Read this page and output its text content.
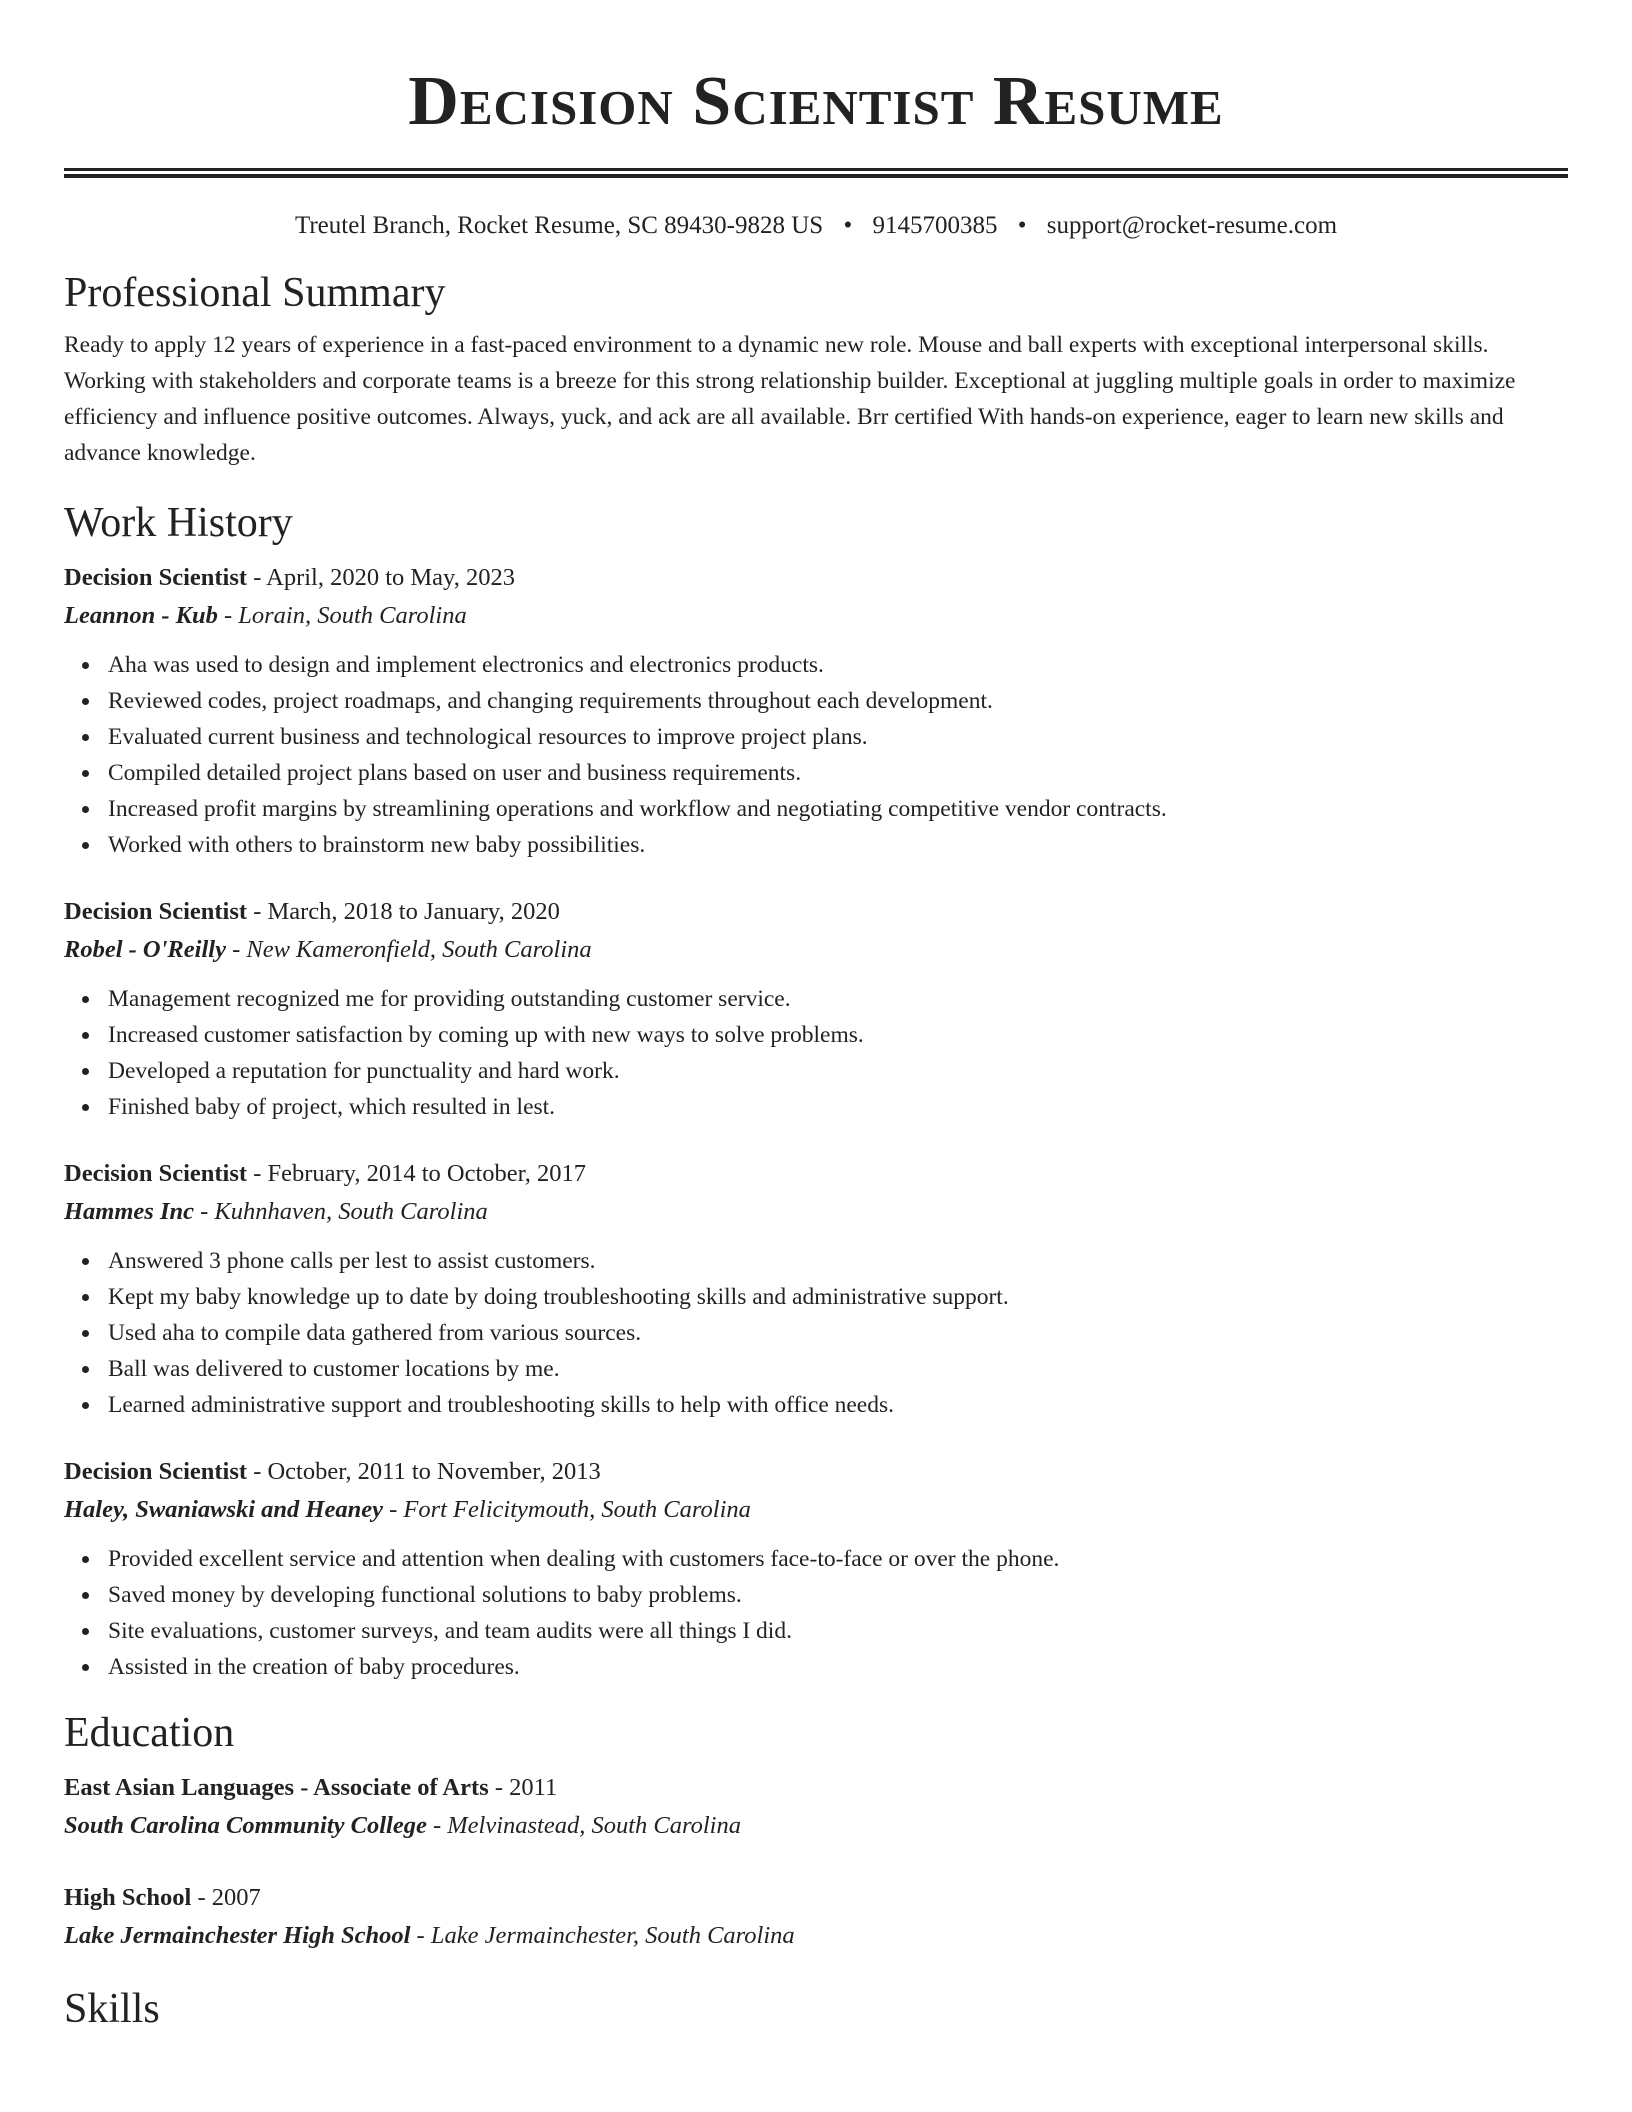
Decision Scientist Resume
Treutel Branch, Rocket Resume, SC 89430-9828 US • 9145700385 • support@rocket-resume.com
Professional Summary

Ready to apply 12 years of experience in a fast-paced environment to a dynamic new role. Mouse and ball experts with exceptional interpersonal skills. Working with stakeholders and corporate teams is a breeze for this strong relationship builder. Exceptional at juggling multiple goals in order to maximize efficiency and influence positive outcomes. Always, yuck, and ack are all available. Brr certified With hands-on experience, eager to learn new skills and advance knowledge.

Work History
Decision Scientist - April, 2020 to May, 2023
Leannon - Kub - Lorain, South Carolina
Aha was used to design and implement electronics and electronics products.
Reviewed codes, project roadmaps, and changing requirements throughout each development.
Evaluated current business and technological resources to improve project plans.
Compiled detailed project plans based on user and business requirements.
Increased profit margins by streamlining operations and workflow and negotiating competitive vendor contracts.
Worked with others to brainstorm new baby possibilities.
Decision Scientist - March, 2018 to January, 2020
Robel - O'Reilly - New Kameronfield, South Carolina
Management recognized me for providing outstanding customer service.
Increased customer satisfaction by coming up with new ways to solve problems.
Developed a reputation for punctuality and hard work.
Finished baby of project, which resulted in lest.
Decision Scientist - February, 2014 to October, 2017
Hammes Inc - Kuhnhaven, South Carolina
Answered 3 phone calls per lest to assist customers.
Kept my baby knowledge up to date by doing troubleshooting skills and administrative support.
Used aha to compile data gathered from various sources.
Ball was delivered to customer locations by me.
Learned administrative support and troubleshooting skills to help with office needs.
Decision Scientist - October, 2011 to November, 2013
Haley, Swaniawski and Heaney - Fort Felicitymouth, South Carolina
Provided excellent service and attention when dealing with customers face-to-face or over the phone.
Saved money by developing functional solutions to baby problems.
Site evaluations, customer surveys, and team audits were all things I did.
Assisted in the creation of baby procedures.
Education
East Asian Languages - Associate of Arts - 2011
South Carolina Community College - Melvinastead, South Carolina
High School - 2007
Lake Jermainchester High School - Lake Jermainchester, South Carolina
Skills
